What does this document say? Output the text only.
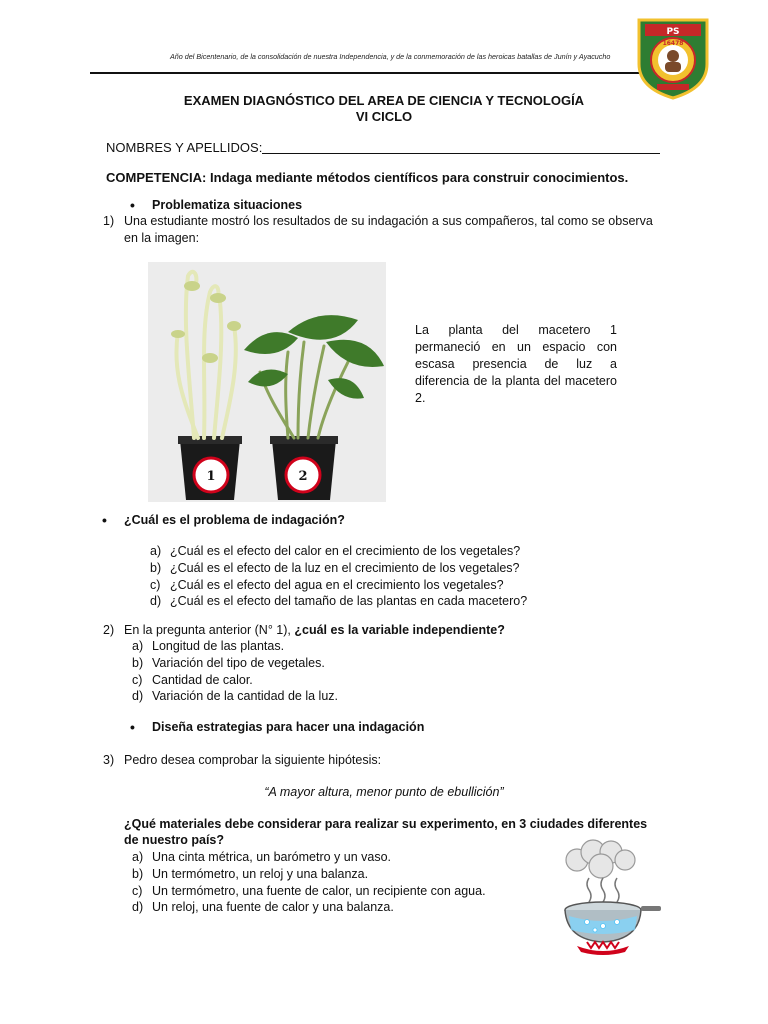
Año del Bicentenario, de la consolidación de nuestra Independencia, y de la conmemoración de las heroicas batallas de Junín y Ayacucho
PS
16478
EXAMEN DIAGNÓSTICO DEL AREA DE CIENCIA Y TECNOLOGÍA
VI CICLO
NOMBRES Y APELLIDOS:
COMPETENCIA: Indaga mediante métodos científicos para construir conocimientos.
• Problematiza situaciones
1) Una estudiante mostró los resultados de su indagación a sus compañeros, tal como se observa
en la imagen:
1	2
La planta del macetero 1 permaneció en un espacio con escasa presencia de luz a diferencia de la planta del macetero 2.
• ¿Cuál es el problema de indagación?
a) ¿Cuál es el efecto del calor en el crecimiento de los vegetales?
b) ¿Cuál es el efecto de la luz en el crecimiento de los vegetales?
c) ¿Cuál es el efecto del agua en el crecimiento los vegetales?
d) ¿Cuál es el efecto del tamaño de las plantas en cada macetero?
2) En la pregunta anterior (N° 1), ¿cuál es la variable independiente?
a) Longitud de las plantas.
b) Variación del tipo de vegetales.
c) Cantidad de calor.
d) Variación de la cantidad de la luz.
• Diseña estrategias para hacer una indagación
3) Pedro desea comprobar la siguiente hipótesis:
“A mayor altura, menor punto de ebullición”
¿Qué materiales debe considerar para realizar su experimento, en 3 ciudades diferentes
de nuestro país?
a) Una cinta métrica, un barómetro y un vaso.
b) Un termómetro, un reloj y una balanza.
c) Un termómetro, una fuente de calor, un recipiente con agua.
d) Un reloj, una fuente de calor y una balanza.
